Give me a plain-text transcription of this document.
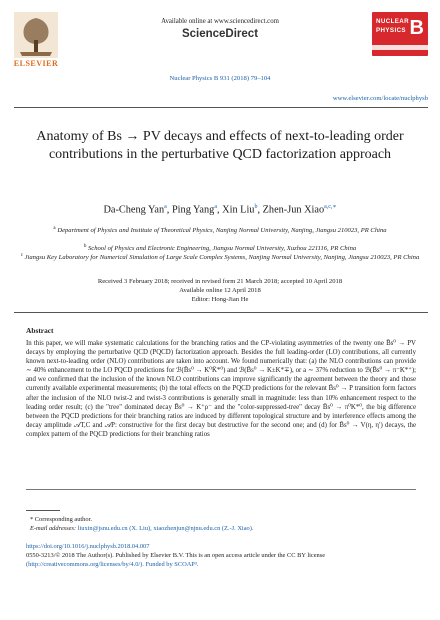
ELSEVIER
Available online at www.sciencedirect.com
ScienceDirect
Nuclear Physics B 931 (2018) 79–104
NUCLEAR
PHYSICS B
www.elsevier.com/locate/nuclphysb
Anatomy of Bs → PV decays and effects of next-to-leading order contributions in the perturbative QCD factorization approach
Da-Cheng Yan$^a$, Ping Yang$^a$, Xin Liu$^b$, Zhen-Jun Xiao$^{a,c,∗}$
$^a$ Department of Physics and Institute of Theoretical Physics, Nanjing Normal University, Nanjing, Jiangsu 210023, PR China
$^b$ School of Physics and Electronic Engineering, Jiangsu Normal University, Xuzhou 221116, PR China
$^c$ Jiangsu Key Laboratory for Numerical Simulation of Large Scale Complex Systems, Nanjing Normal University, Nanjing, Jiangsu 210023, PR China
Received 3 February 2018; received in revised form 21 March 2018; accepted 10 April 2018
Available online 12 April 2018
Editor: Hong-Jian He
Abstract
In this paper, we will make systematic calculations for the branching ratios and the CP-violating asymmetries of the twenty one B̄s⁰ → PV decays by employing the perturbative QCD (PQCD) factorization approach. Besides the full leading-order (LO) contributions, all currently known next-to-leading order (NLO) contributions are taken into account. We found numerically that: (a) the NLO contributions can provide ∼ 40% enhancement to the LO PQCD predictions for ℬ(B̄s⁰ → K⁰K̄*⁰) and ℬ(B̄s⁰ → K±K*∓), or a ∼ 37% reduction to ℬ(B̄s⁰ → π⁻K*⁺); and we confirmed that the inclusion of the known NLO contributions can improve significantly the agreement between the theory and those currently available experimental measurements; (b) the total effects on the PQCD predictions for the relevant B̄s⁰ → P transition form factors after the inclusion of the NLO twist-2 and twist-3 contributions is generally small in magnitude: less than 10% enhancement respect to the leading order result; (c) the "tree" dominated decay B̄s⁰ → K⁺ρ⁻ and the "color-suppressed-tree" decay B̄s⁰ → π⁰K*⁰, the big difference between the PQCD predictions for their branching ratios are induced by different topological structure and by interference effects among the decay amplitude 𝒜T,C and 𝒜P: constructive for the first decay but destructive for the second one; and (d) for B̄s⁰ → V(η, η′) decays, the complex pattern of the PQCD predictions for their branching ratios
* Corresponding author.
E-mail addresses: liuxin@jsnu.edu.cn (X. Liu), xiaozhenjun@njnu.edu.cn (Z.-J. Xiao).
https://doi.org/10.1016/j.nuclphysb.2018.04.007
0550-3213/© 2018 The Author(s). Published by Elsevier B.V. This is an open access article under the CC BY license
(http://creativecommons.org/licenses/by/4.0/). Funded by SCOAP³.
